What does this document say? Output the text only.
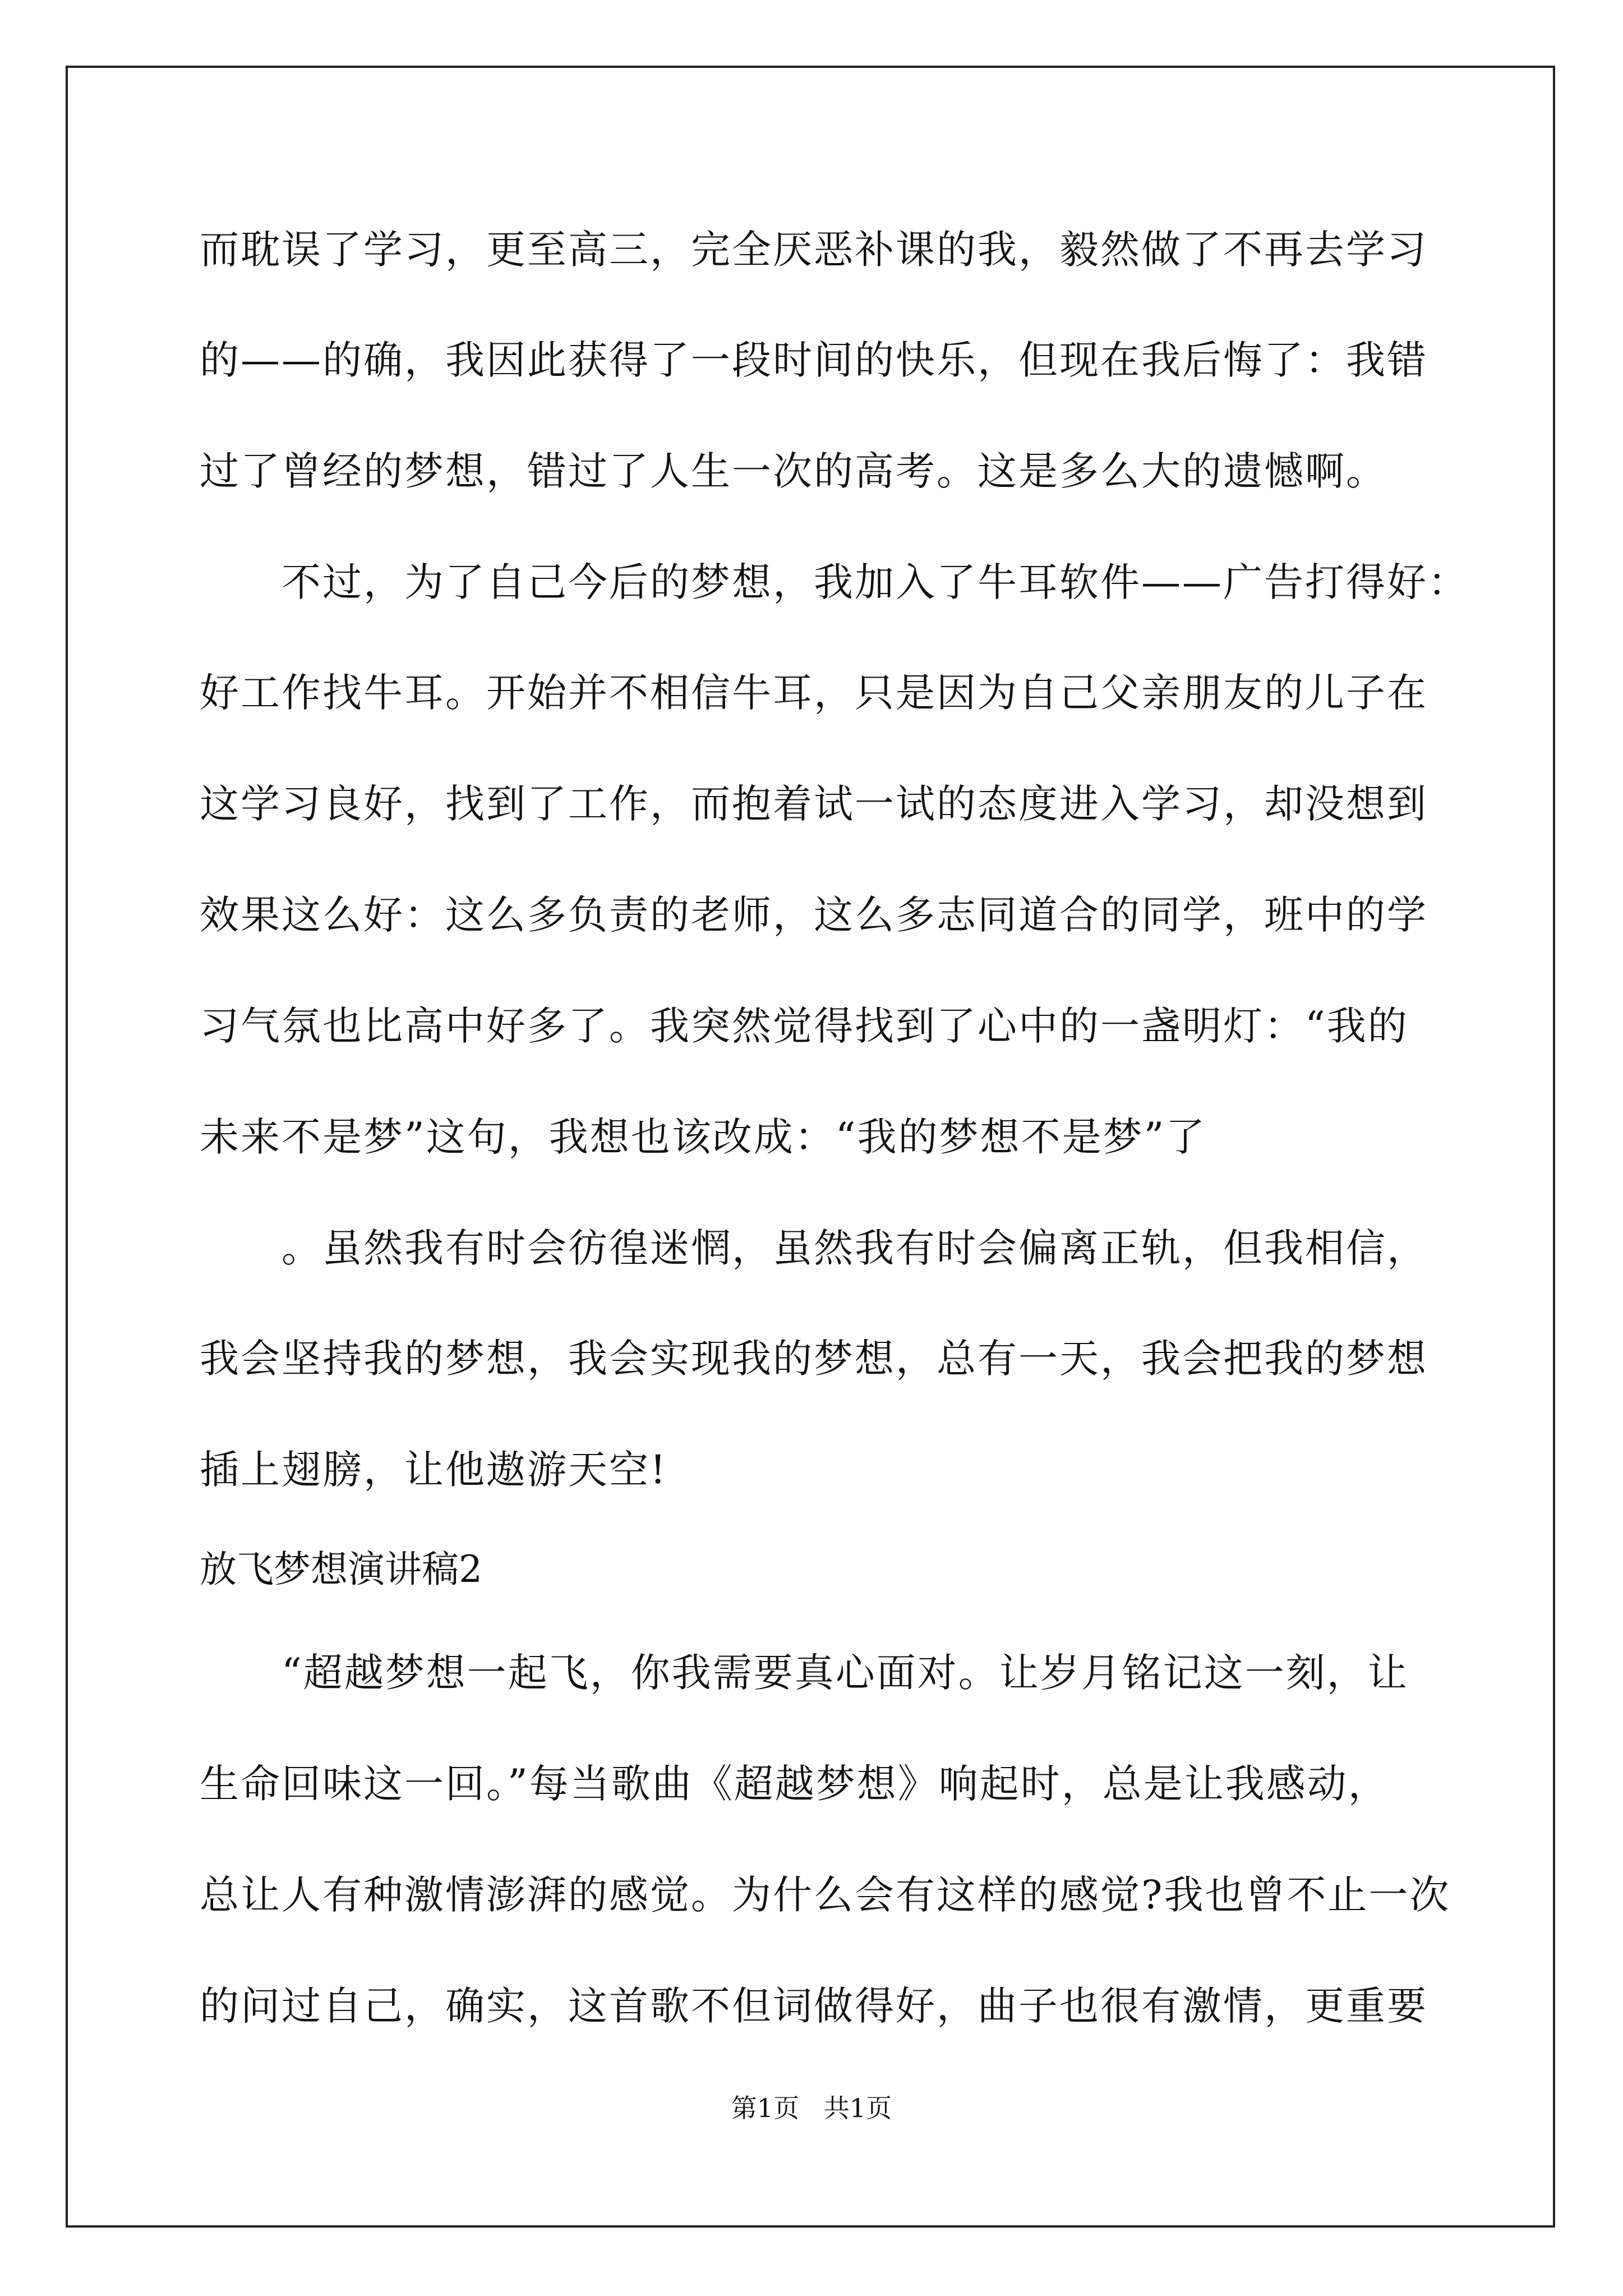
而耽误了学习，更至高三，完全厌恶补课的我，毅然做了不再去学习
的——的确，我因此获得了一段时间的快乐，但现在我后悔了：我错
过了曾经的梦想，错过了人生一次的高考。这是多么大的遗憾啊。
不过，为了自己今后的梦想，我加入了牛耳软件——广告打得好：
好工作找牛耳。开始并不相信牛耳，只是因为自己父亲朋友的儿子在
这学习良好，找到了工作，而抱着试一试的态度进入学习，却没想到
效果这么好：这么多负责的老师，这么多志同道合的同学，班中的学
习气氛也比高中好多了。我突然觉得找到了心中的一盏明灯：“我的
未来不是梦”这句，我想也该改成：“我的梦想不是梦”了
。虽然我有时会彷徨迷惘，虽然我有时会偏离正轨，但我相信，
我会坚持我的梦想，我会实现我的梦想，总有一天，我会把我的梦想
插上翅膀，让他遨游天空!
放飞梦想演讲稿2
“超越梦想一起飞，你我需要真心面对。让岁月铭记这一刻，让
生命回味这一回。”每当歌曲《超越梦想》响起时，总是让我感动，
总让人有种激情澎湃的感觉。为什么会有这样的感觉?我也曾不止一次
的问过自己，确实，这首歌不但词做得好，曲子也很有激情，更重要
第1页   共1页
